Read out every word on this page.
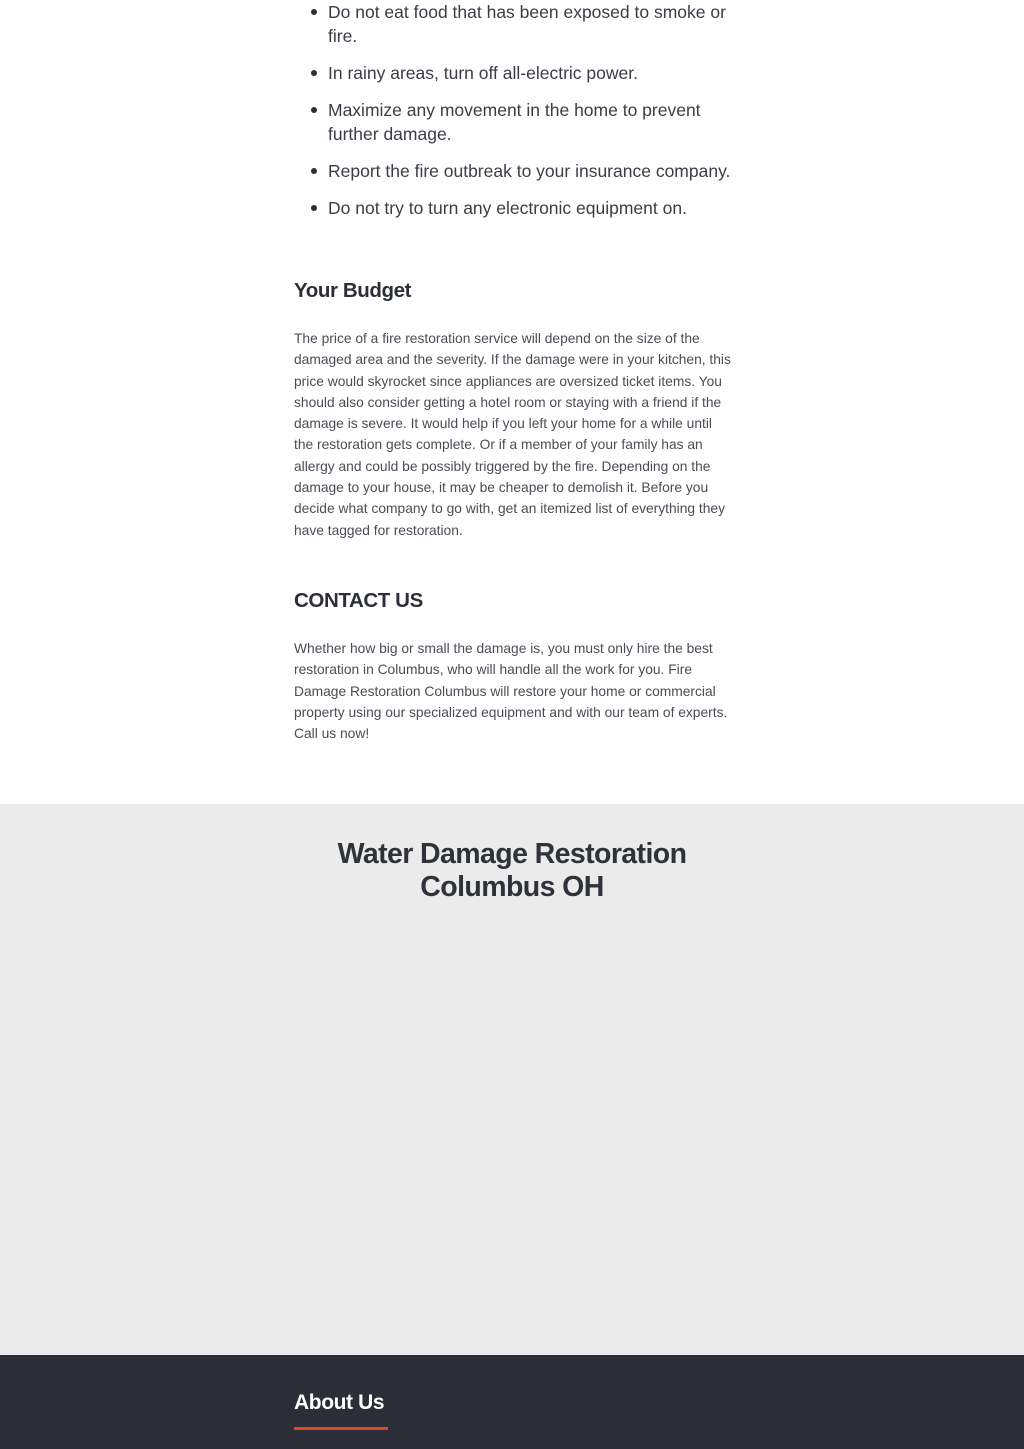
Do not eat food that has been exposed to smoke or fire.
In rainy areas, turn off all-electric power.
Maximize any movement in the home to prevent further damage.
Report the fire outbreak to your insurance company.
Do not try to turn any electronic equipment on.
Your Budget

The price of a fire restoration service will depend on the size of the damaged area and the severity. If the damage were in your kitchen, this price would skyrocket since appliances are oversized ticket items. You should also consider getting a hotel room or staying with a friend if the damage is severe. It would help if you left your home for a while until the restoration gets complete. Or if a member of your family has an allergy and could be possibly triggered by the fire. Depending on the damage to your house, it may be cheaper to demolish it. Before you decide what company to go with, get an itemized list of everything they have tagged for restoration.

CONTACT US

Whether how big or small the damage is, you must only hire the best restoration in Columbus, who will handle all the work for you. Fire Damage Restoration Columbus will restore your home or commercial property using our specialized equipment and with our team of experts. Call us now!

Water Damage Restoration
Columbus OH
About Us
